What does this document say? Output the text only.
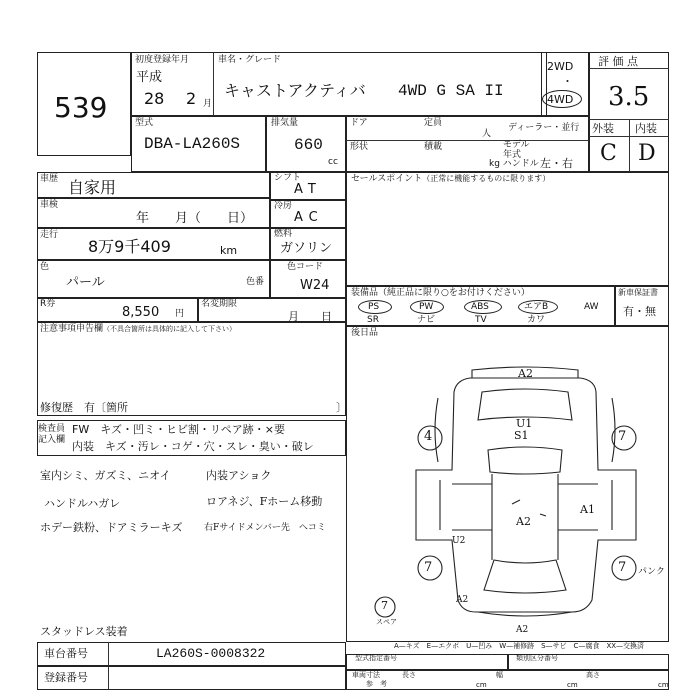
539
初度登録年月	車名・グレード
平成
28 2 月
キャストアクティバ 4WD G SA II
2WD
・
4WD
評 価 点
3.5
外装 内装
C D
型式
DBA-LA260S
排気量
660
cc
ドア	定員
人
ディーラー・並行
形状	積載	モデル
年式
kg ハンドル 左・右
車歴 自家用
車検
年　　月（　　日）
走行
8万9千409	km
色
パール	色番
シフト
AT
冷房
AC
燃料
ガソリン
色コード
W24
セールスポイント（正常に機能するものに限ります）
R券
8,550 円
名変期限
月　　日
装備品（純正品に限り○をお付けください）
PS
SR
PW
ナビ
ABS
TV
エアB
カワ
AW
新車保証書
有・無
注意事項申告欄（不具合箇所は具体的に記入して下さい）
修復歴　 有〔箇所	〕
後日品
検査員
記入欄
FW　キズ・凹ミ・ヒビ割・リペア跡・×要
内装　キズ・汚レ・コゲ・穴・スレ・臭い・破レ
室内シミ、ガズミ、ニオイ
ハンドルハガレ
ホデー鉄粉、ドアミラーキズ
内装アショク
ロアネジ、Fホーム移動
右Fサイドメンバー先　ヘコミ
スタッドレス装着
A2
U1
S1
4	7
A1
A2
U2
7	7 パンク
A2
A2
7
スペア
A—キズ　E—エクボ　U—凹み　W—補修跡　S—サビ　C—腐食　XX—交換済
車台番号	LA260S-0008322
登録番号
型式指定番号	類別区分番号
車両寸法
参　考
長さ
cm
幅
cm
高さ
cm
